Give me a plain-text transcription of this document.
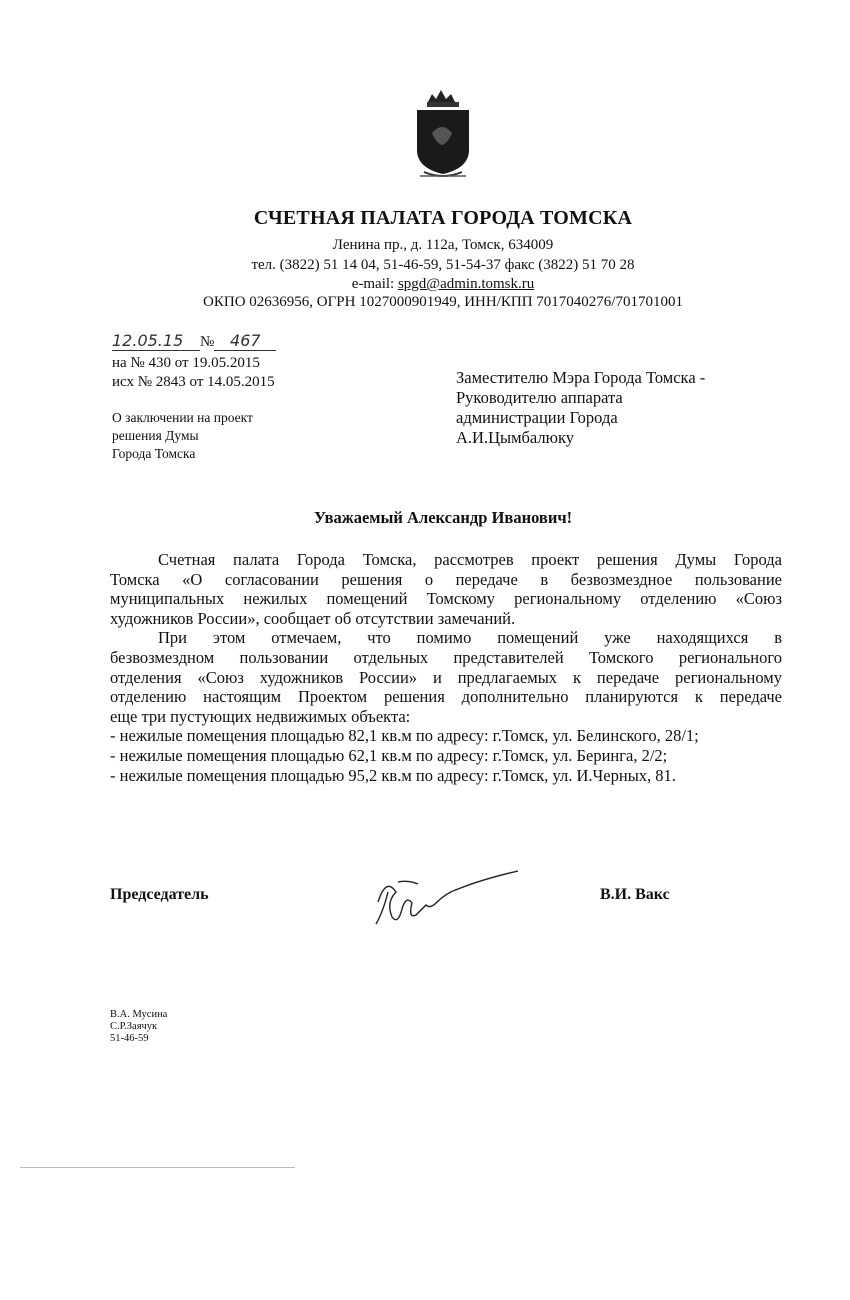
СЧЕТНАЯ ПАЛАТА ГОРОДА ТОМСКА
Ленина пр., д. 112а, Томск, 634009
тел. (3822) 51 14 04, 51-46-59, 51-54-37 факс (3822) 51 70 28
e-mail: spgd@admin.tomsk.ru
ОКПО 02636956, ОГРН 1027000901949, ИНН/КПП 7017040276/701701001
12.05.15 № 467
на № 430 от 19.05.2015
исх № 2843 от 14.05.2015
О заключении на проект
решения Думы
Города Томска
Заместителю Мэра Города Томска -
Руководителю аппарата
администрации Города
А.И.Цымбалюку
Уважаемый Александр Иванович!
Счетная палата Города Томска, рассмотрев проект решения Думы Города
Томска «О согласовании решения о передаче в безвозмездное пользование
муниципальных нежилых помещений Томскому региональному отделению «Союз
художников России», сообщает об отсутствии замечаний.
При этом отмечаем, что помимо помещений уже находящихся в
безвозмездном пользовании отдельных представителей Томского регионального
отделения «Союз художников России» и предлагаемых к передаче региональному
отделению настоящим Проектом решения дополнительно планируются к передаче
еще три пустующих недвижимых объекта:
- нежилые помещения площадью 82,1 кв.м по адресу: г.Томск, ул. Белинского, 28/1;
- нежилые помещения площадью 62,1 кв.м по адресу: г.Томск, ул. Беринга, 2/2;
- нежилые помещения площадью 95,2 кв.м по адресу: г.Томск, ул. И.Черных, 81.
Председатель	В.И. Вакс
В.А. Мусина
С.Р.Заячук
51-46-59
